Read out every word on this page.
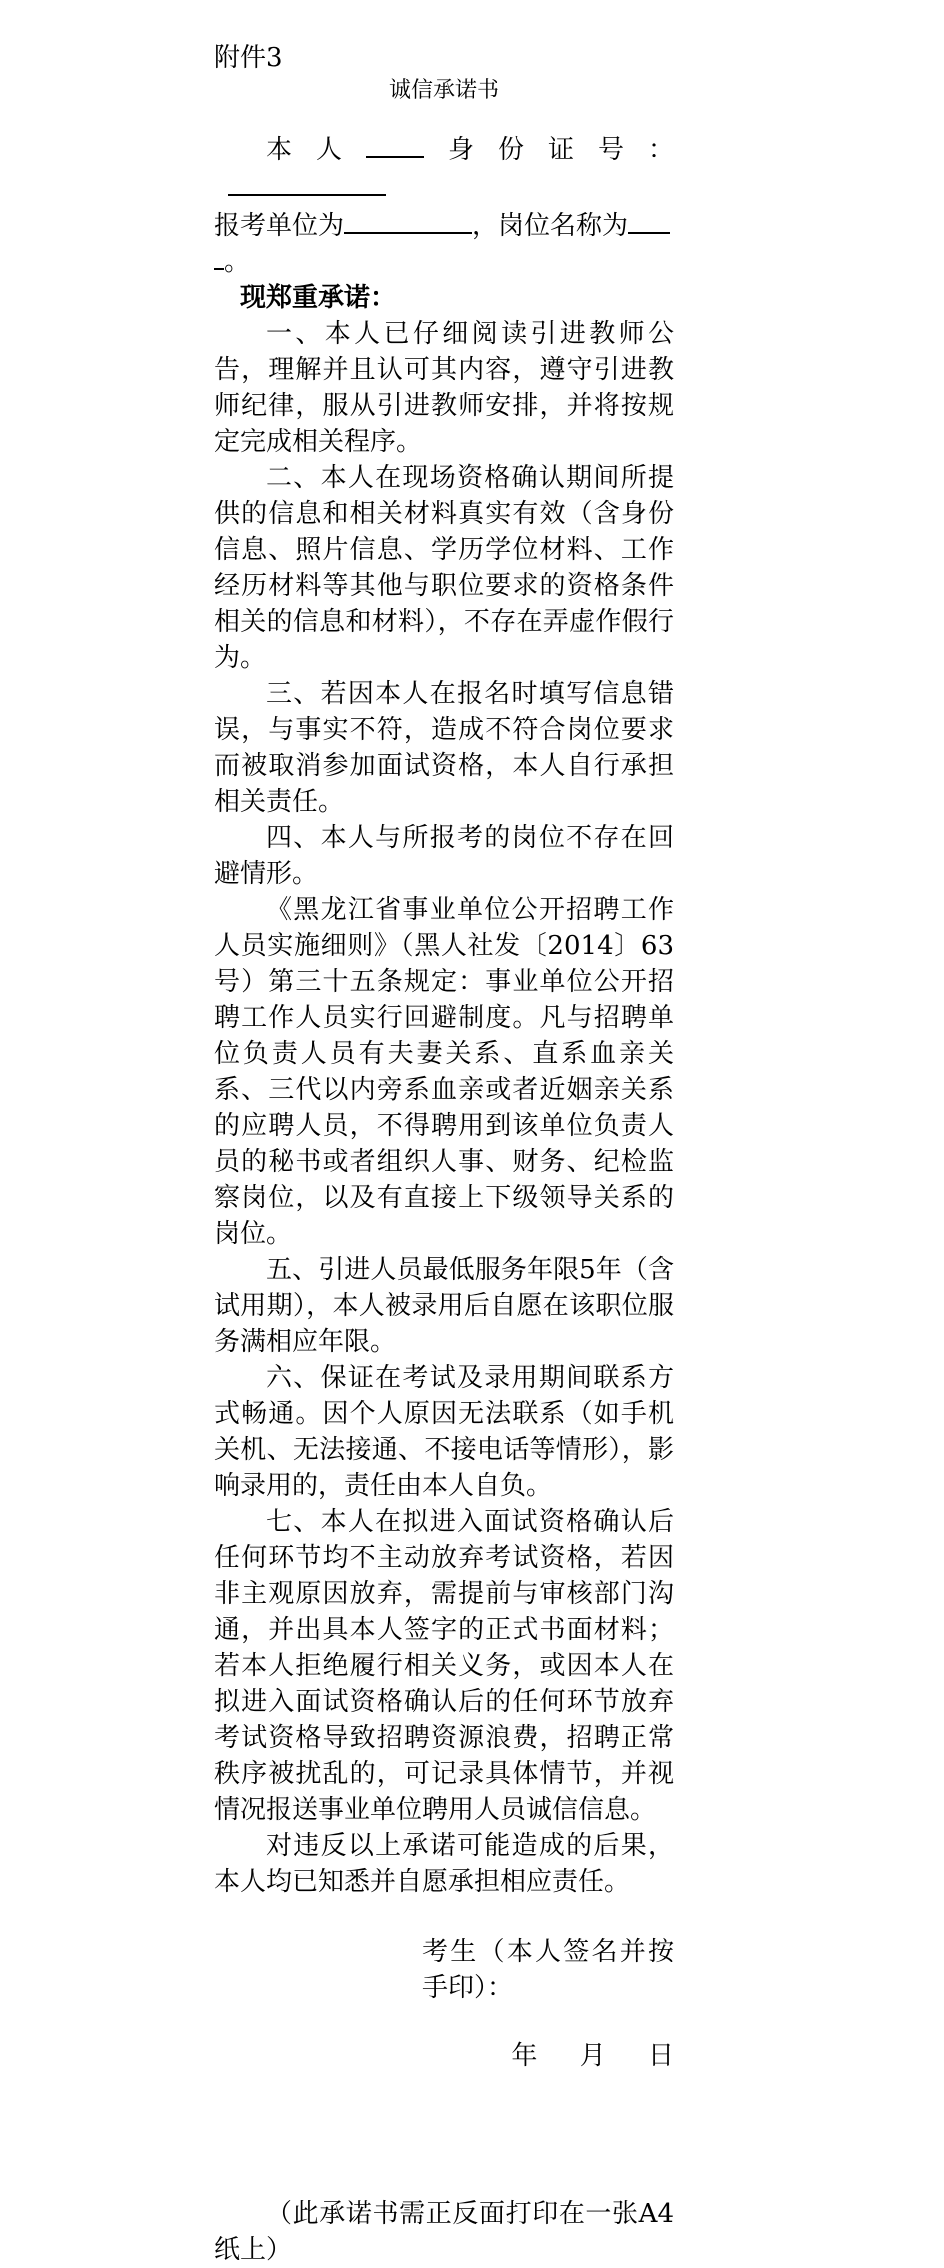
附件3
诚信承诺书

本人 身份证号：

报考单位为	，岗位名称为

。

现郑重承诺：

一、本人已仔细阅读引进教师公告，理解并且认可其内容，遵守引进教师纪律，服从引进教师安排，并将按规定完成相关程序。

二、本人在现场资格确认期间所提供的信息和相关材料真实有效（含身份信息、照片信息、学历学位材料、工作经历材料等其他与职位要求的资格条件相关的信息和材料），不存在弄虚作假行为。

三、若因本人在报名时填写信息错误，与事实不符，造成不符合岗位要求而被取消参加面试资格，本人自行承担相关责任。

四、本人与所报考的岗位不存在回避情形。

《黑龙江省事业单位公开招聘工作人员实施细则》（黑人社发〔2014〕63号）第三十五条规定：事业单位公开招聘工作人员实行回避制度。凡与招聘单位负责人员有夫妻关系、直系血亲关系、三代以内旁系血亲或者近姻亲关系的应聘人员，不得聘用到该单位负责人员的秘书或者组织人事、财务、纪检监察岗位，以及有直接上下级领导关系的岗位。

五、引进人员最低服务年限5年（含试用期），本人被录用后自愿在该职位服务满相应年限。

六、保证在考试及录用期间联系方式畅通。因个人原因无法联系（如手机关机、无法接通、不接电话等情形），影响录用的，责任由本人自负。

七、本人在拟进入面试资格确认后任何环节均不主动放弃考试资格，若因非主观原因放弃，需提前与审核部门沟通，并出具本人签字的正式书面材料；若本人拒绝履行相关义务，或因本人在拟进入面试资格确认后的任何环节放弃考试资格导致招聘资源浪费，招聘正常秩序被扰乱的，可记录具体情节，并视情况报送事业单位聘用人员诚信信息。

对违反以上承诺可能造成的后果，本人均已知悉并自愿承担相应责任。

考生（本人签名并按手印）：

年 月 日

（此承诺书需正反面打印在一张A4纸上）
